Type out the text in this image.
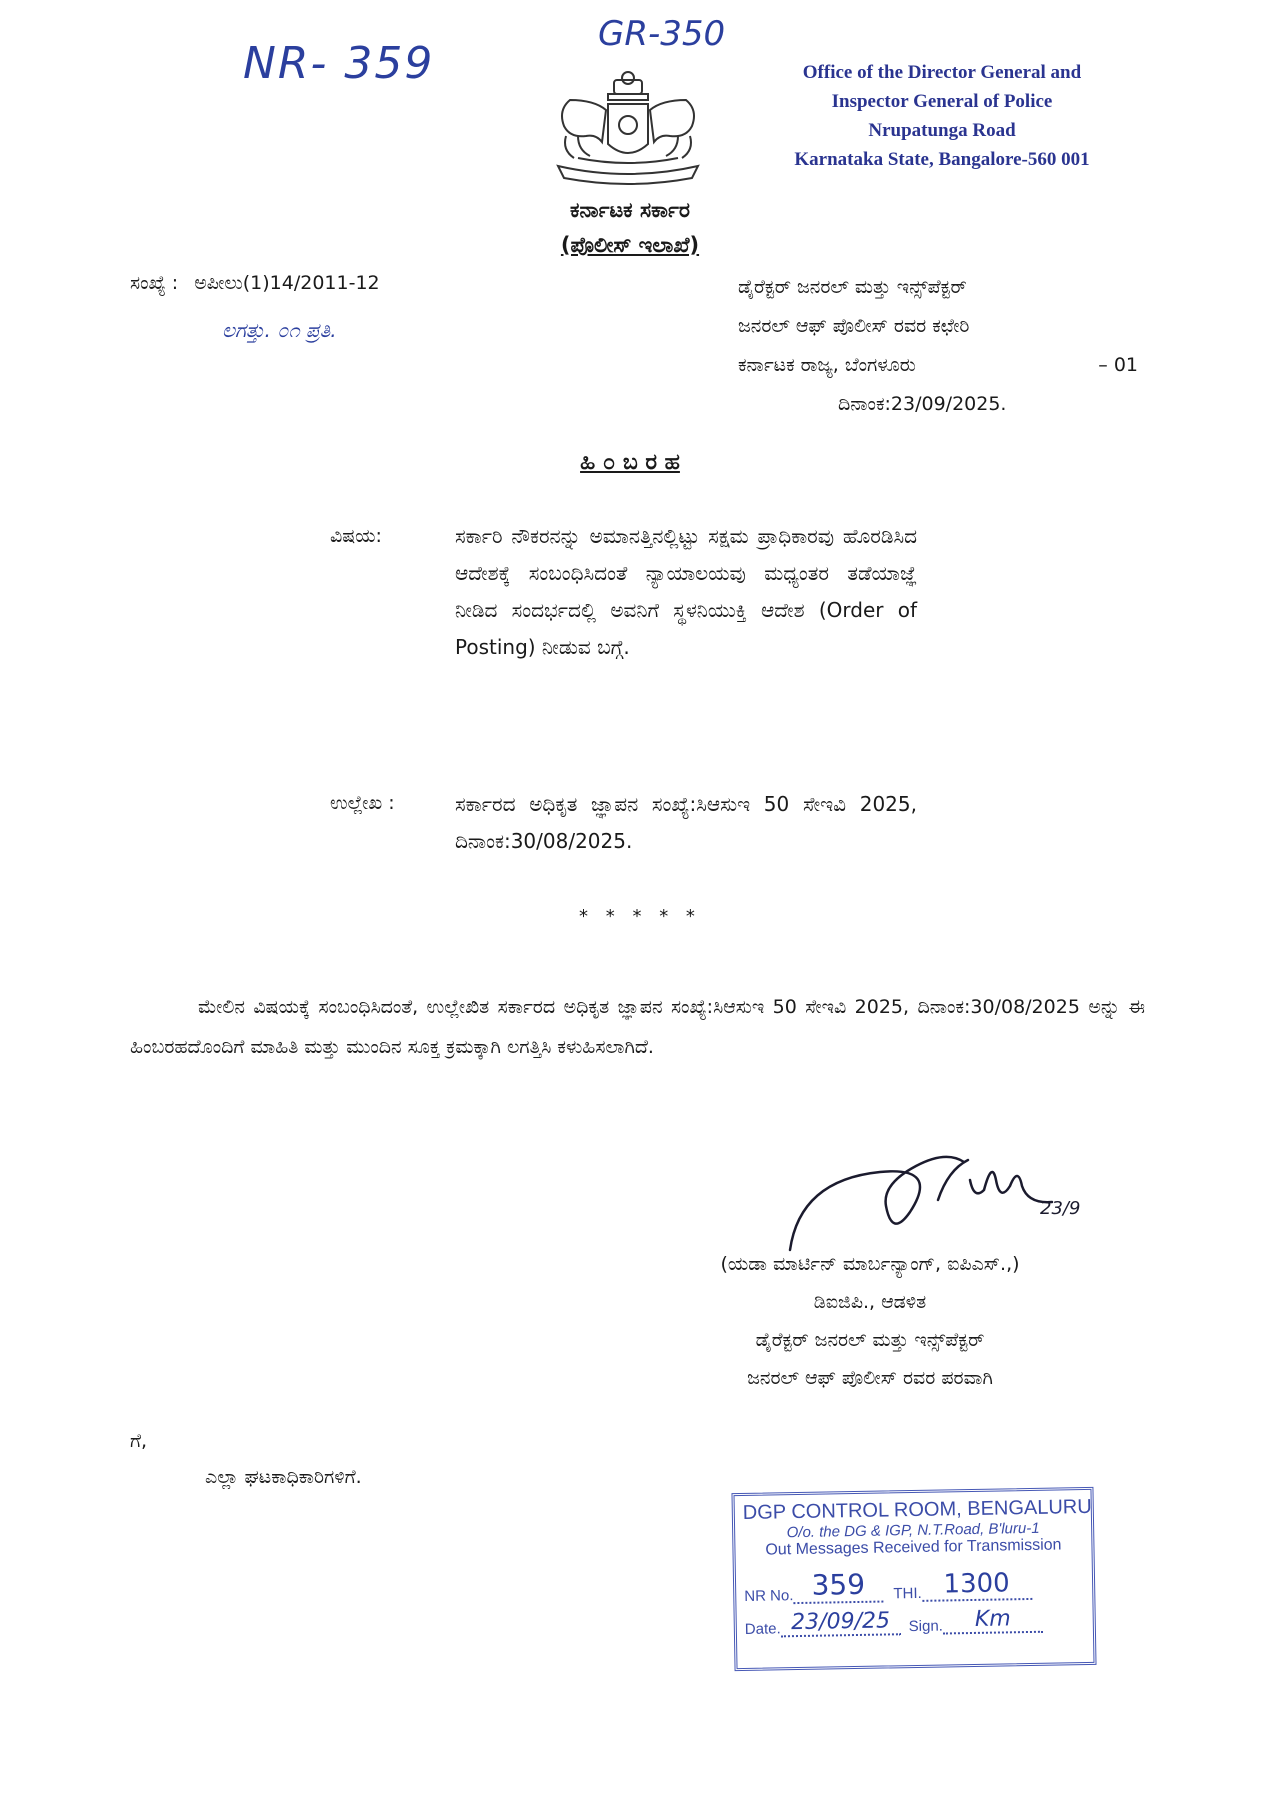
NR- 359
GR-350
Office of the Director General and
Inspector General of Police
Nrupatunga Road
Karnataka State, Bangalore-560 001
ಕರ್ನಾಟಕ ಸರ್ಕಾರ
(ಪೊಲೀಸ್ ಇಲಾಖೆ)
ಸಂಖ್ಯೆ : ಅಪೀಲು(1)14/2011-12
ಲಗತ್ತು. ೦೧ ಪ್ರತಿ.
ಡೈರೆಕ್ಟರ್ ಜನರಲ್ ಮತ್ತು ಇನ್ಸ್‌ಪೆಕ್ಟರ್
ಜನರಲ್ ಆಫ್ ಪೊಲೀಸ್ ರವರ ಕಛೇರಿ
ಕರ್ನಾಟಕ ರಾಜ್ಯ, ಬೆಂಗಳೂರು	– 01
ದಿನಾಂಕ:23/09/2025.
ಹಿ ೦ ಬ ರ ಹ
ವಿಷಯ:	ಸರ್ಕಾರಿ ನೌಕರನನ್ನು ಅಮಾನತ್ತಿನಲ್ಲಿಟ್ಟು ಸಕ್ಷಮ ಪ್ರಾಧಿಕಾರವು ಹೊರಡಿಸಿದ ಆದೇಶಕ್ಕೆ ಸಂಬಂಧಿಸಿದಂತೆ ನ್ಯಾಯಾಲಯವು ಮಧ್ಯಂತರ ತಡೆಯಾಜ್ಞೆ ನೀಡಿದ ಸಂದರ್ಭದಲ್ಲಿ ಅವನಿಗೆ ಸ್ಥಳನಿಯುಕ್ತಿ ಆದೇಶ (Order of Posting) ನೀಡುವ ಬಗ್ಗೆ.
ಉಲ್ಲೇಖ :	ಸರ್ಕಾರದ ಅಧಿಕೃತ ಜ್ಞಾಪನ ಸಂಖ್ಯೆ:ಸಿಆಸುಇ 50 ಸೇಇವಿ 2025, ದಿನಾಂಕ:30/08/2025.
* * * * *
ಮೇಲಿನ ವಿಷಯಕ್ಕೆ ಸಂಬಂಧಿಸಿದಂತೆ, ಉಲ್ಲೇಖಿತ ಸರ್ಕಾರದ ಅಧಿಕೃತ ಜ್ಞಾಪನ ಸಂಖ್ಯೆ:ಸಿಆಸುಇ 50 ಸೇಇವಿ 2025, ದಿನಾಂಕ:30/08/2025 ಅನ್ನು ಈ ಹಿಂಬರಹದೊಂದಿಗೆ ಮಾಹಿತಿ ಮತ್ತು ಮುಂದಿನ ಸೂಕ್ತ ಕ್ರಮಕ್ಕಾಗಿ ಲಗತ್ತಿಸಿ ಕಳುಹಿಸಲಾಗಿದೆ.
23/9
(ಯಡಾ ಮಾರ್ಟಿನ್ ಮಾರ್ಬನ್ಯಾಂಗ್, ಐಪಿಎಸ್.,)
ಡಿಐಜಿಪಿ., ಆಡಳಿತ
ಡೈರೆಕ್ಟರ್ ಜನರಲ್ ಮತ್ತು ಇನ್ಸ್‌ಪೆಕ್ಟರ್
ಜನರಲ್ ಆಫ್ ಪೊಲೀಸ್ ರವರ ಪರವಾಗಿ
ಗೆ,
ಎಲ್ಲಾ ಘಟಕಾಧಿಕಾರಿಗಳಿಗೆ.
DGP CONTROL ROOM, BENGALURU
O/o. the DG & IGP, N.T.Road, B'luru-1
Out Messages Received for Transmission
NR No. 359	THI. 1300
Date. 23/09/25	Sign.	Km
